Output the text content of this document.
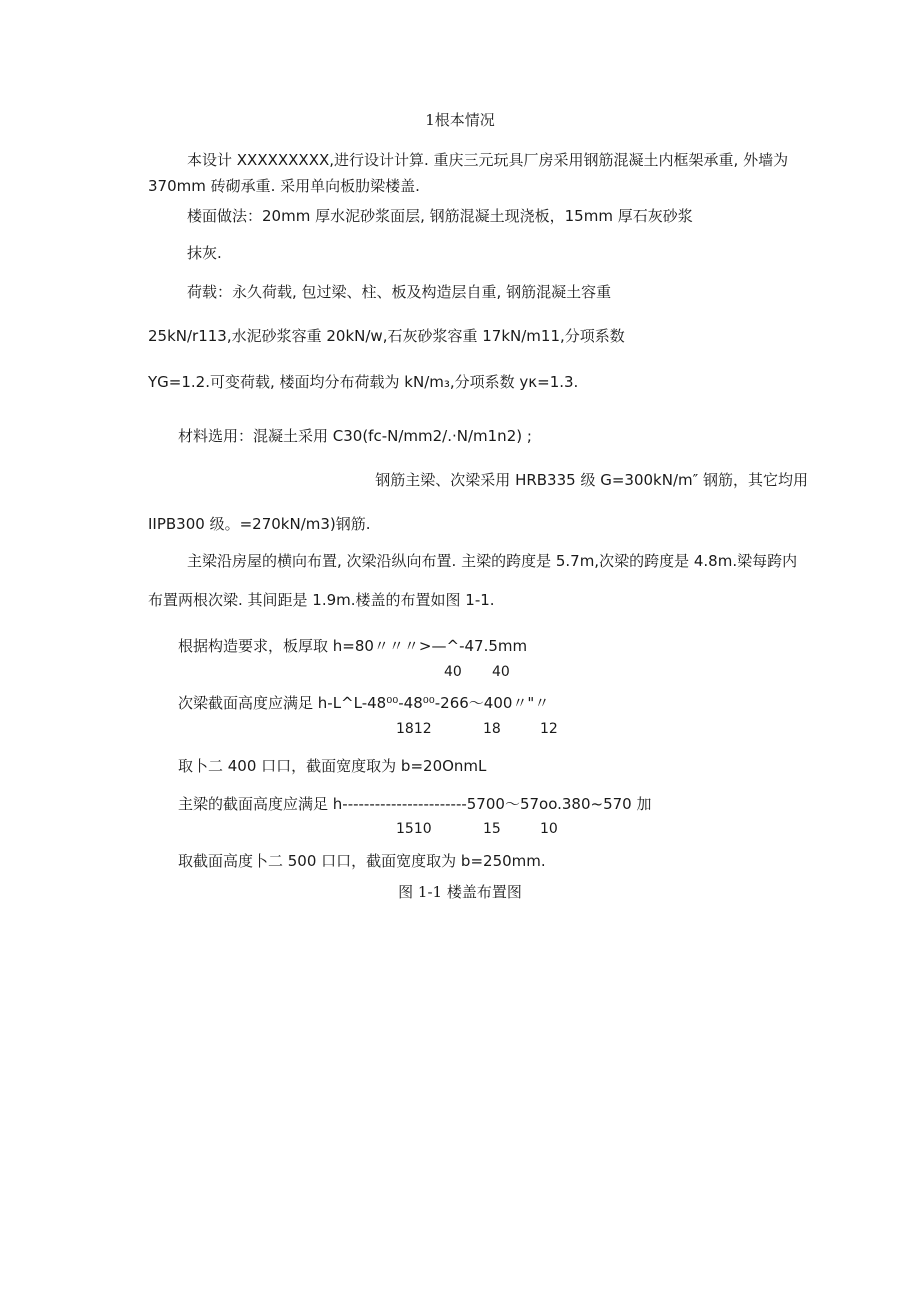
1根本情况
本设计 XXXXXXXXX,进行设计计算. 重庆三元玩具厂房采用钢筋混凝土内框架承重, 外墙为
370mm 砖砌承重. 采用单向板肋梁楼盖.
楼面做法：20mm 厚水泥砂浆面层, 钢筋混凝土现浇板，15mm 厚石灰砂浆
抹灰.
荷载：永久荷载, 包过梁、柱、板及构造层自重, 钢筋混凝土容重
25kN/r113,水泥砂浆容重 20kN/w,石灰砂浆容重 17kN/m11,分项系数
YG=1.2.可变荷载, 楼面均分布荷载为 kN/m₃,分项系数 yκ=1.3.
材料选用：混凝土采用 C30(fc-N/mm2/.·N/m1n2) ;
钢筋主梁、次梁采用 HRB335 级 G=300kN/m″ 钢筋，其它均用
IIPB300 级。=270kN/m3)钢筋.
主梁沿房屋的横向布置, 次梁沿纵向布置. 主梁的跨度是 5.7m,次梁的跨度是 4.8m.梁每跨内
布置两根次梁. 其间距是 1.9m.楼盖的布置如图 1-1.
根据构造要求，板厚取 h=80〃〃〃>—^-47.5mm
40 40
次梁截面高度应满足 h-L^L-48⁰⁰-48⁰⁰-266〜400〃"〃
1812	18	12
取卜二 400 口口，截面宽度取为 b=20OnmL
主梁的截面高度应满足 h-----------------------5700〜57oo.380~570 加
1510	15	10
取截面高度卜二 500 口口，截面宽度取为 b=250mm.
图 1-1 楼盖布置图
